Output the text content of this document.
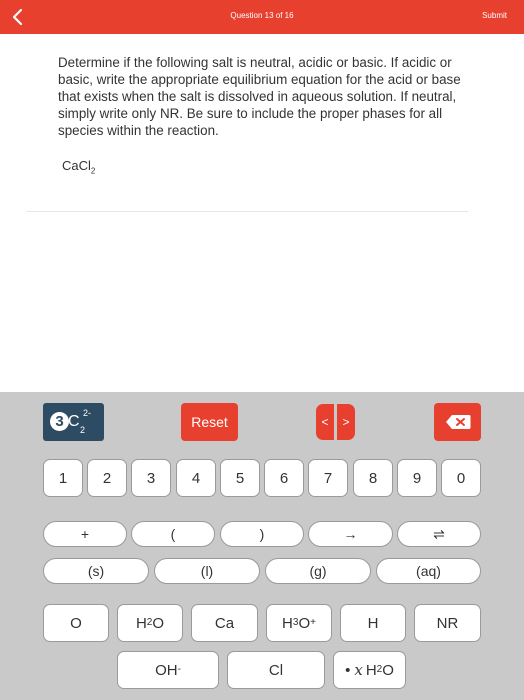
Question 13 of 16	Submit
Determine if the following salt is neutral, acidic or basic. If acidic or basic, write the appropriate equilibrium equation for the acid or base that exists when the salt is dissolved in aqueous solution. If neutral, simply write only NR. Be sure to include the proper phases for all species within the reaction.
CaCl$_2$
3 C 2
2-
Reset	< >
1 2 3 4 5 6 7 8 9 0
+	(	)	→	⇌
(s)	(l)	(g)	(aq)
O	H 2 O	Ca	H 3 O +	H	NR
OH -	Cl	• x H 2 O
